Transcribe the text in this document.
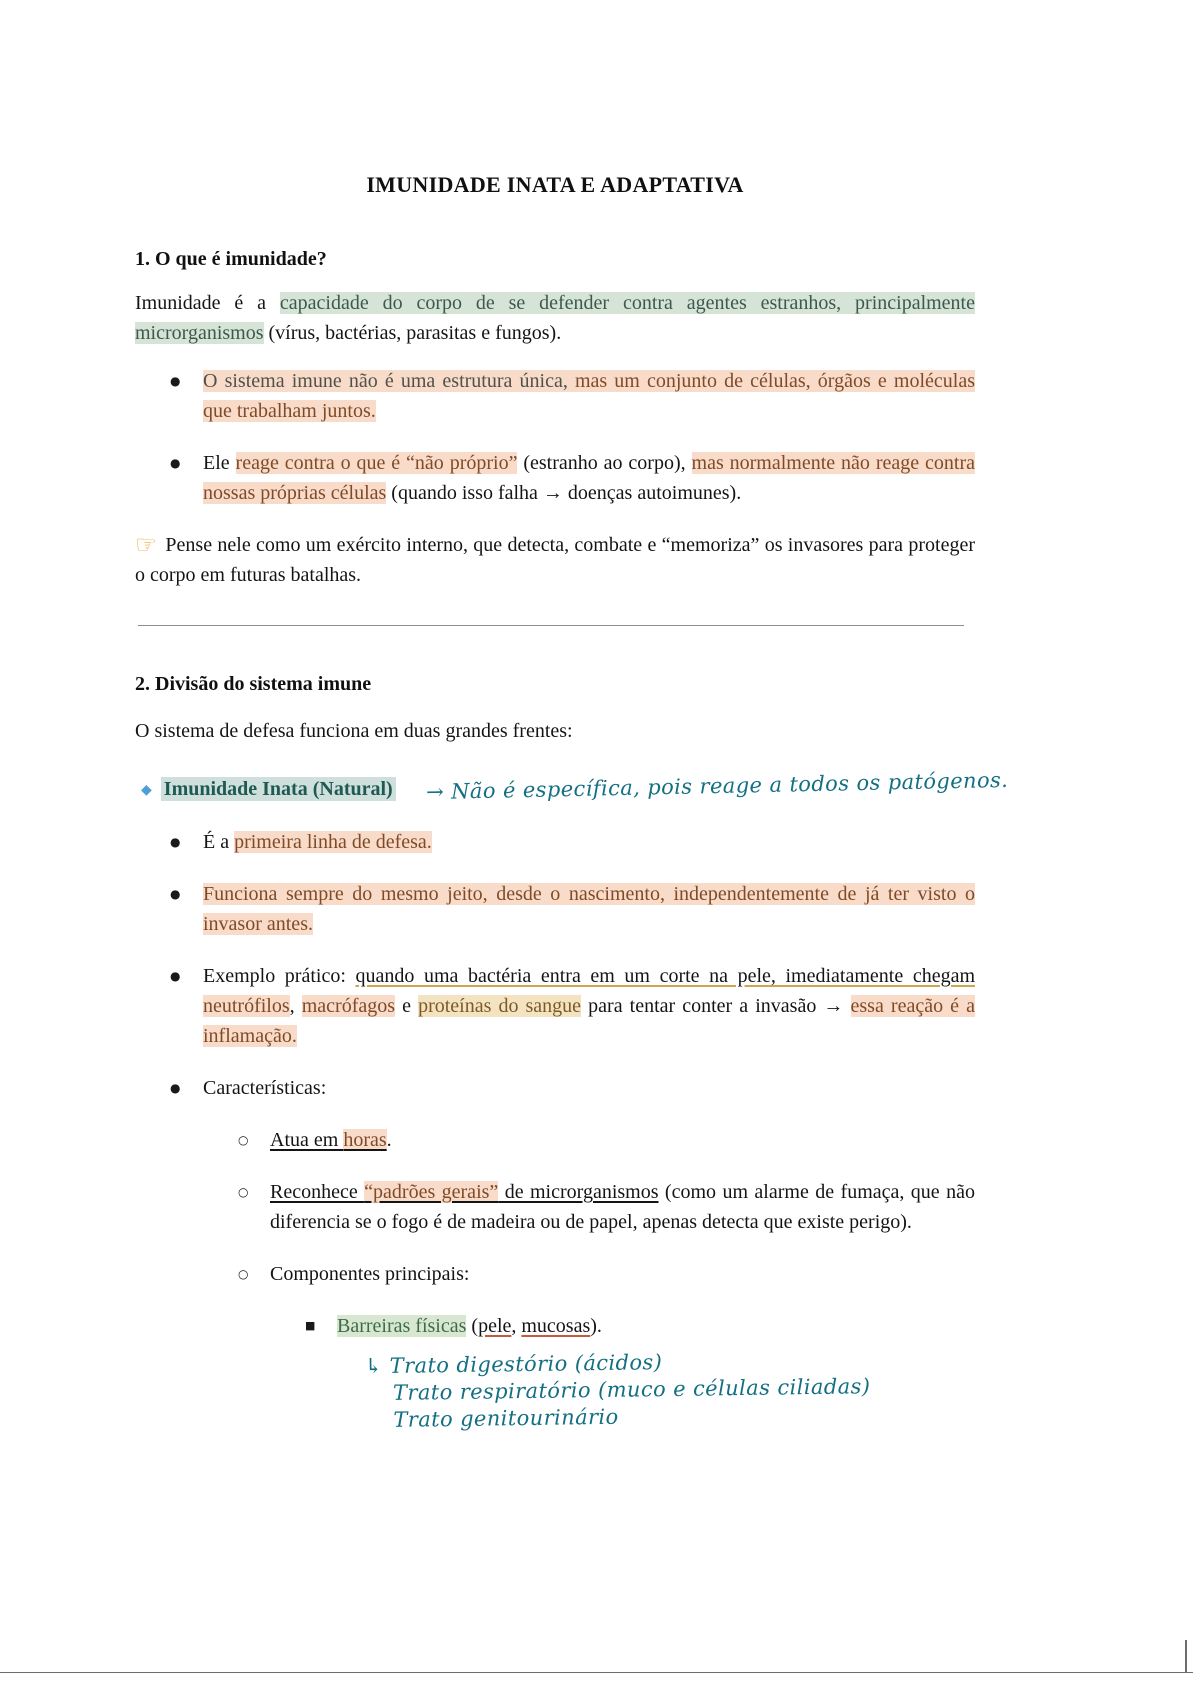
IMUNIDADE INATA E ADAPTATIVA
1. O que é imunidade?

Imunidade é a capacidade do corpo de se defender contra agentes estranhos, principalmente microrganismos (vírus, bactérias, parasitas e fungos).

●	O sistema imune não é uma estrutura única, mas um conjunto de células, órgãos e moléculas que trabalham juntos.
●	Ele reage contra o que é “não próprio” (estranho ao corpo), mas normalmente não reage contra nossas próprias células (quando isso falha → doenças autoimunes).

☞ Pense nele como um exército interno, que detecta, combate e “memoriza” os invasores para proteger o corpo em futuras batalhas.

2. Divisão do sistema imune

O sistema de defesa funciona em duas grandes frentes:

◆ Imunidade Inata (Natural) → Não é específica, pois reage a todos os patógenos.
●	É a primeira linha de defesa.
●	Funciona sempre do mesmo jeito, desde o nascimento, independentemente de já ter visto o invasor antes.
●	Exemplo prático: quando uma bactéria entra em um corte na pele, imediatamente chegam neutrófilos, macrófagos e proteínas do sangue para tentar conter a invasão → essa reação é a inflamação.
●	Características:
○	Atua em horas.
○	Reconhece “padrões gerais” de microrganismos (como um alarme de fumaça, que não diferencia se o fogo é de madeira ou de papel, apenas detecta que existe perigo).
○	Componentes principais:
■	Barreiras físicas (pele, mucosas).
↳ Trato digestório (ácidos)
Trato respiratório (muco e células ciliadas)
Trato genitourinário
